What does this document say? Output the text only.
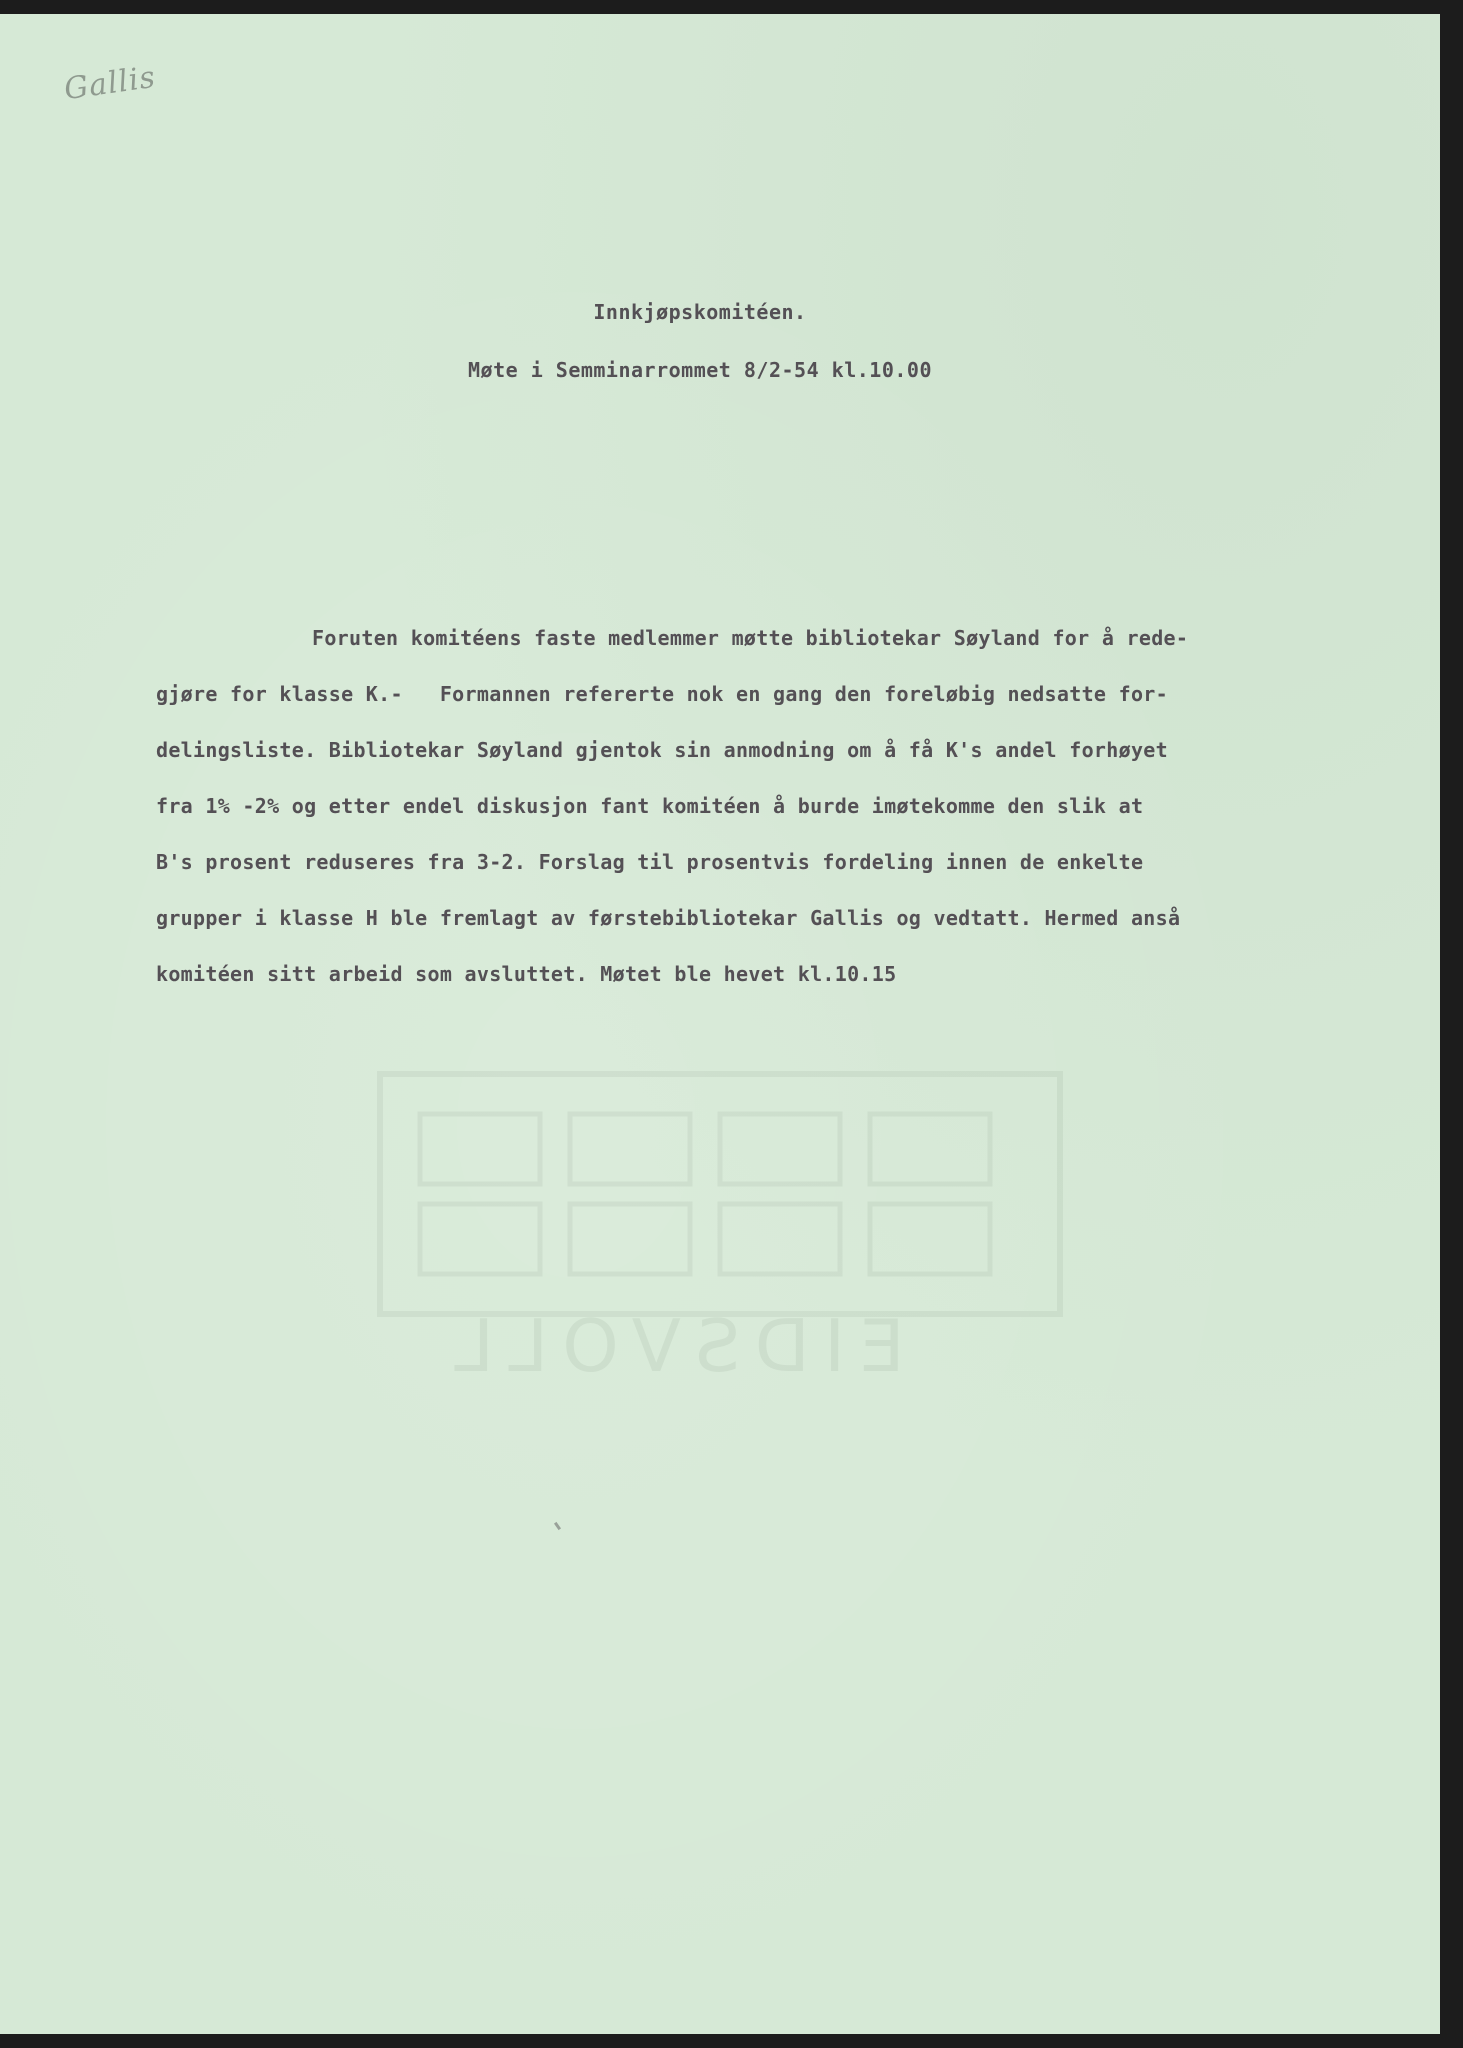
Gallis
EIDSVOLL
Innkjøpskomitéen.
Møte i Semminarrommet 8/2-54 kl.10.00
Foruten komitéens faste medlemmer møtte bibliotekar Søyland for å rede-
gjøre for klasse K.-   Formannen refererte nok en gang den foreløbig nedsatte for-
delingsliste. Bibliotekar Søyland gjentok sin anmodning om å få K's andel forhøyet
fra 1% -2% og etter endel diskusjon fant komitéen å burde imøtekomme den slik at
B's prosent reduseres fra 3-2. Forslag til prosentvis fordeling innen de enkelte
grupper i klasse H ble fremlagt av førstebibliotekar Gallis og vedtatt. Hermed anså
komitéen sitt arbeid som avsluttet. Møtet ble hevet kl.10.15
